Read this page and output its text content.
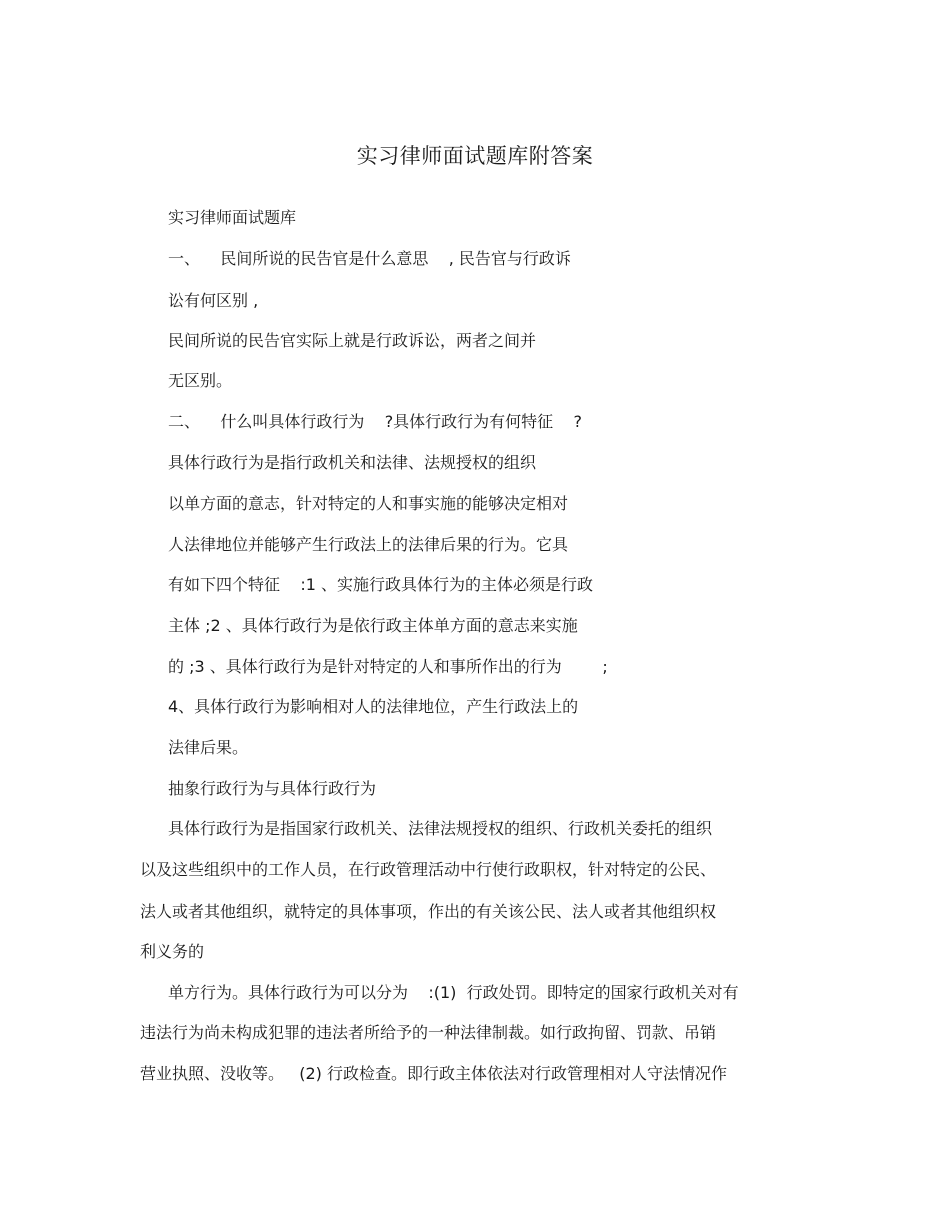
实习律师面试题库附答案
实习律师面试题库
一、    民间所说的民告官是什么意思    , 民告官与行政诉
讼有何区别 ,
民间所说的民告官实际上就是行政诉讼，两者之间并
无区别。
二、    什么叫具体行政行为    ?具体行政行为有何特征    ?
具体行政行为是指行政机关和法律、法规授权的组织
以单方面的意志，针对特定的人和事实施的能够决定相对
人法律地位并能够产生行政法上的法律后果的行为。它具
有如下四个特征    :1 、实施行政具体行为的主体必须是行政
主体 ;2 、具体行政行为是依行政主体单方面的意志来实施
的 ;3 、具体行政行为是针对特定的人和事所作出的行为        ;
4、具体行政行为影响相对人的法律地位，产生行政法上的
法律后果。
抽象行政行为与具体行政行为
具体行政行为是指国家行政机关、法律法规授权的组织、行政机关委托的组织
以及这些组织中的工作人员，在行政管理活动中行使行政职权，针对特定的公民、
法人或者其他组织，就特定的具体事项，作出的有关该公民、法人或者其他组织权
利义务的
单方行为。具体行政行为可以分为    :(1)  行政处罚。即特定的国家行政机关对有
违法行为尚未构成犯罪的违法者所给予的一种法律制裁。如行政拘留、罚款、吊销
营业执照、没收等。   (2) 行政检查。即行政主体依法对行政管理相对人守法情况作
